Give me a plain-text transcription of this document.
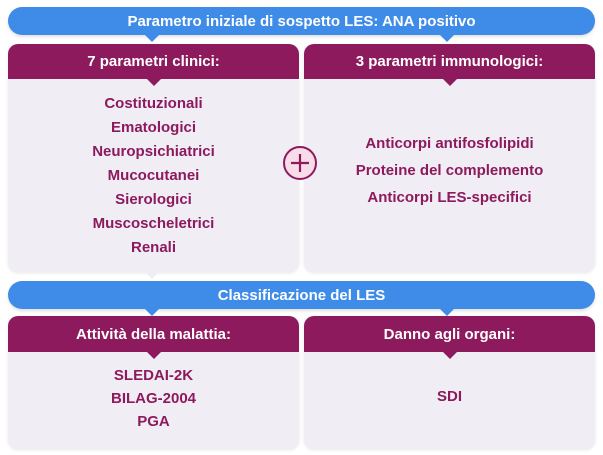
Parametro iniziale di sospetto LES: ANA positivo
7 parametri clinici:
Costituzionali
Ematologici
Neuropsichiatrici
Mucocutanei
Sierologici
Muscoscheletrici
Renali
3 parametri immunologici:
Anticorpi antifosfolipidi
Proteine del complemento
Anticorpi LES-specifici
Classificazione del LES
Attività della malattia:
SLEDAI-2K
BILAG-2004
PGA
Danno agli organi:
SDI
